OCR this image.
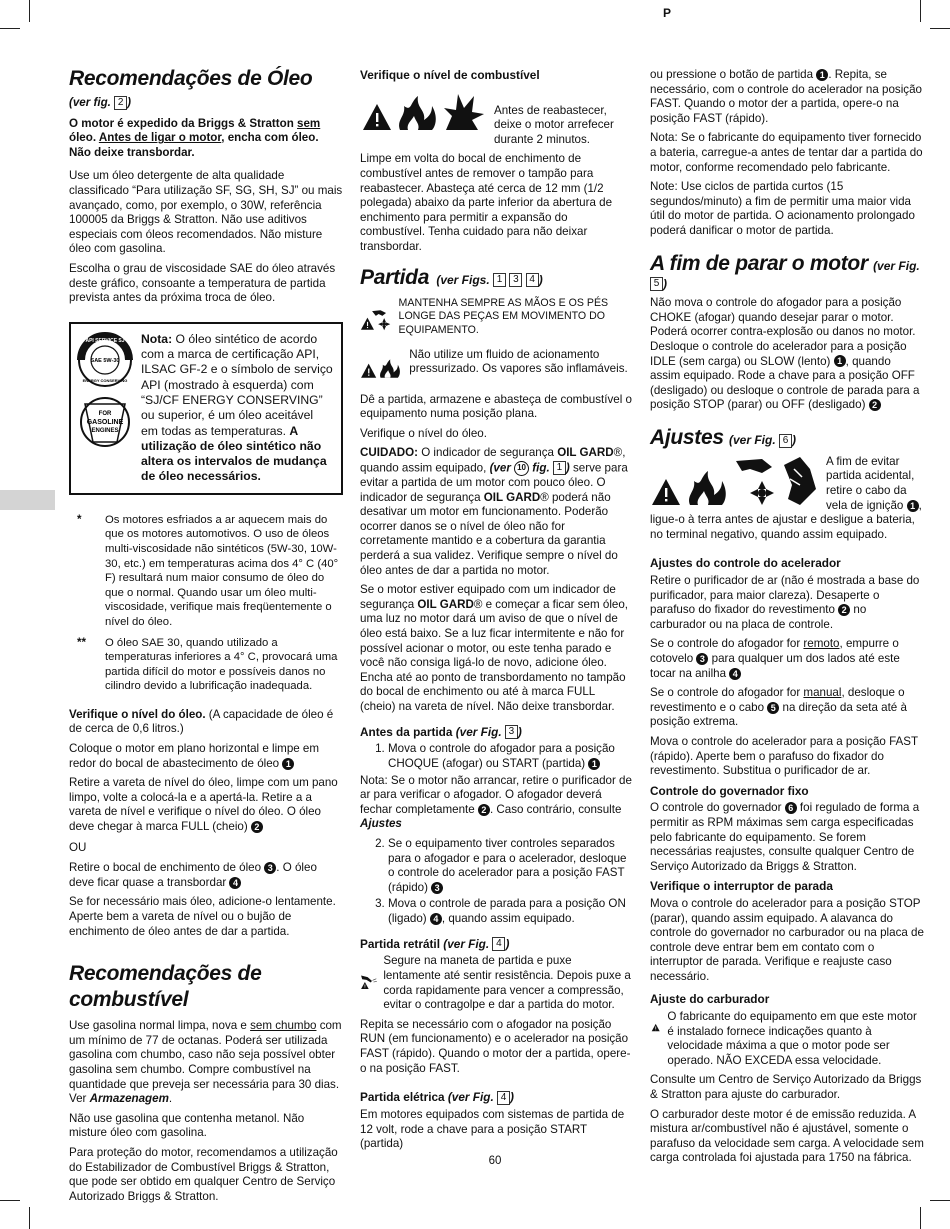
P
Recomendações de Óleo
(ver fig. 2 )

O motor é expedido da Briggs & Stratton sem óleo. Antes de ligar o motor, encha com óleo. Não deixe transbordar.

Use um óleo detergente de alta qualidade classificado “Para utilização SF, SG, SH, SJ” ou mais avançado, como, por exemplo, o 30W, referência 100005 da Briggs & Stratton. Não use aditivos especiais com óleos recomendados. Não misture óleo com gasolina.

Escolha o grau de viscosidade SAE do óleo através deste gráfico, consoante a temperatura de partida prevista antes da próxima troca de óleo.

API SERVICE SJ
SAE 5W-30
ENERGY CONSERVING
FOR
GASOLINE
ENGINES
Nota: O óleo sintético de acordo com a marca de certificação API, ILSAC GF-2 e o símbolo de serviço API (mostrado à esquerda) com “SJ/CF ENERGY CONSERVING” ou superior, é um óleo aceitável em todas as temperaturas. A utilização de óleo sintético não altera os intervalos de mudança de óleo necessários.
*	Os motores esfriados a ar aquecem mais do que os motores automotivos. O uso de óleos multi-viscosidade não sintéticos (5W-30, 10W-30, etc.) em temperaturas acima dos 4° C (40° F) resultará num maior consumo de óleo do que o normal. Quando usar um óleo multi-viscosidade, verifique mais freqüentemente o nível do óleo.
**	O óleo SAE 30, quando utilizado a temperaturas inferiores a 4° C, provocará uma partida difícil do motor e possíveis danos no cilindro devido a lubrificação inadequada.

Verifique o nível do óleo. (A capacidade de óleo é de cerca de 0,6 litros.)

Coloque o motor em plano horizontal e limpe em redor do bocal de abastecimento de óleo 1

Retire a vareta de nível do óleo, limpe com um pano limpo, volte a colocá-la e a apertá-la. Retire a a vareta de nível e verifique o nível do óleo. O óleo deve chegar à marca FULL (cheio) 2

OU

Retire o bocal de enchimento de óleo 3 . O óleo deve ficar quase a transbordar 4

Se for necessário mais óleo, adicione-o lentamente. Aperte bem a vareta de nível ou o bujão de enchimento de óleo antes de dar a partida.

Recomendações de combustível

Use gasolina normal limpa, nova e sem chumbo com um mínimo de 77 de octanas. Poderá ser utilizada gasolina com chumbo, caso não seja possível obter gasolina sem chumbo. Compre combustível na quantidade que preveja ser necessária para 30 dias. Ver Armazenagem.

Não use gasolina que contenha metanol. Não misture óleo com gasolina.

Para proteção do motor, recomendamos a utilização do Estabilizador de Combustível Briggs & Stratton, que pode ser obtido em qualquer Centro de Serviço Autorizado Briggs & Stratton.

Verifique o nível de combustível
Antes de reabastecer, deixe o motor arrefecer durante 2 minutos.

Limpe em volta do bocal de enchimento de combustível antes de remover o tampão para reabastecer. Abasteça até cerca de 12 mm (1/2 polegada) abaixo da parte inferior da abertura de enchimento para permitir a expansão do combustível. Tenha cuidado para não deixar transbordar.

Partida (ver Figs. 1 3 4 )
MANTENHA SEMPRE AS MÃOS E OS PÉS LONGE DAS PEÇAS EM MOVIMENTO DO EQUIPAMENTO.
Não utilize um fluido de acionamento pressurizado. Os vapores são inflamáveis.

Dê a partida, armazene e abasteça de combustível o equipamento numa posição plana.

Verifique o nível do óleo.

CUIDADO: O indicador de segurança OIL GARD®, quando assim equipado, (ver 10 fig. 1 ) serve para evitar a partida de um motor com pouco óleo. O indicador de segurança OIL GARD® poderá não desativar um motor em funcionamento. Poderão ocorrer danos se o nível de óleo não for corretamente mantido e a cobertura da garantia perderá a sua validez. Verifique sempre o nível do óleo antes de dar a partida no motor.

Se o motor estiver equipado com um indicador de segurança OIL GARD® e começar a ficar sem óleo, uma luz no motor dará um aviso de que o nível de óleo está baixo. Se a luz ficar intermitente e não for possível acionar o motor, ou este tenha parado e você não consiga ligá-lo de novo, adicione óleo. Encha até ao ponto de transbordamento no tampão do bocal de enchimento ou até à marca FULL (cheio) na vareta de nível. Não deixe transbordar.

Antes da partida (ver Fig. 3 )
1. Mova o controle do afogador para a posição CHOQUE (afogar) ou START (partida) 1

Nota: Se o motor não arrancar, retire o purificador de ar para verificar o afogador. O afogador deverá fechar completamente 2 . Caso contrário, consulte Ajustes

2. Se o equipamento tiver controles separados para o afogador e para o acelerador, desloque o controle do acelerador para a posição FAST (rápido) 3
3. Mova o controle de parada para a posição ON (ligado) 4 , quando assim equipado.
Partida retrátil (ver Fig. 4 )
Segure na maneta de partida e puxe lentamente até sentir resistência. Depois puxe a corda rapidamente para vencer a compressão, evitar o contragolpe e dar a partida do motor.

Repita se necessário com o afogador na posição RUN (em funcionamento) e o acelerador na posição FAST (rápido). Quando o motor der a partida, opere-o na posição FAST.

Partida elétrica (ver Fig. 4 )

Em motores equipados com sistemas de partida de 12 volt, rode a chave para a posição START (partida)

ou pressione o botão de partida 1 . Repita, se necessário, com o controle do acelerador na posição FAST. Quando o motor der a partida, opere-o na posição FAST (rápido).

Nota: Se o fabricante do equipamento tiver fornecido a bateria, carregue-a antes de tentar dar a partida do motor, conforme recomendado pelo fabricante.

Note: Use ciclos de partida curtos (15 segundos/minuto) a fim de permitir uma maior vida útil do motor de partida. O acionamento prolongado poderá danificar o motor de partida.

A fim de parar o motor (ver Fig. 5 )

Não mova o controle do afogador para a posição CHOKE (afogar) quando desejar parar o motor. Poderá ocorrer contra-explosão ou danos no motor. Desloque o controle do acelerador para a posição IDLE (sem carga) ou SLOW (lento) 1 , quando assim equipado. Rode a chave para a posição OFF (desligado) ou desloque o controle de parada para a posição STOP (parar) ou OFF (desligado) 2

Ajustes (ver Fig. 6 )
A fim de evitar partida acidental, retire o cabo da vela de ignição 1 , ligue-o à terra antes de ajustar e desligue a bateria, no terminal negativo, quando assim equipado.
Ajustes do controle do acelerador

Retire o purificador de ar (não é mostrada a base do purificador, para maior clareza). Desaperte o parafuso do fixador do revestimento 2 no carburador ou na placa de controle.

Se o controle do afogador for remoto, empurre o cotovelo 3 para qualquer um dos lados até este tocar na anilha 4

Se o controle do afogador for manual, desloque o revestimento e o cabo 5 na direção da seta até à posição extrema.

Mova o controle do acelerador para a posição FAST (rápido). Aperte bem o parafuso do fixador do revestimento. Substitua o purificador de ar.

Controle do governador fixo

O controle do governador 6 foi regulado de forma a permitir as RPM máximas sem carga especificadas pelo fabricante do equipamento. Se forem necessárias reajustes, consulte qualquer Centro de Serviço Autorizado da Briggs & Stratton.

Verifique o interruptor de parada

Mova o controle do acelerador para a posição STOP (parar), quando assim equipado. A alavanca do controle do governador no carburador ou na placa de controle deve entrar bem em contato com o interruptor de parada. Verifique e reajuste caso necessário.

Ajuste do carburador
O fabricante do equipamento em que este motor é instalado fornece indicações quanto à velocidade máxima a que o motor pode ser operado. NÃO EXCEDA essa velocidade.

Consulte um Centro de Serviço Autorizado da Briggs & Stratton para ajuste do carburador.

O carburador deste motor é de emissão reduzida. A mistura ar/combustível não é ajustável, somente o parafuso da velocidade sem carga. A velocidade sem carga controlada foi ajustada para 1750 na fábrica.

60
